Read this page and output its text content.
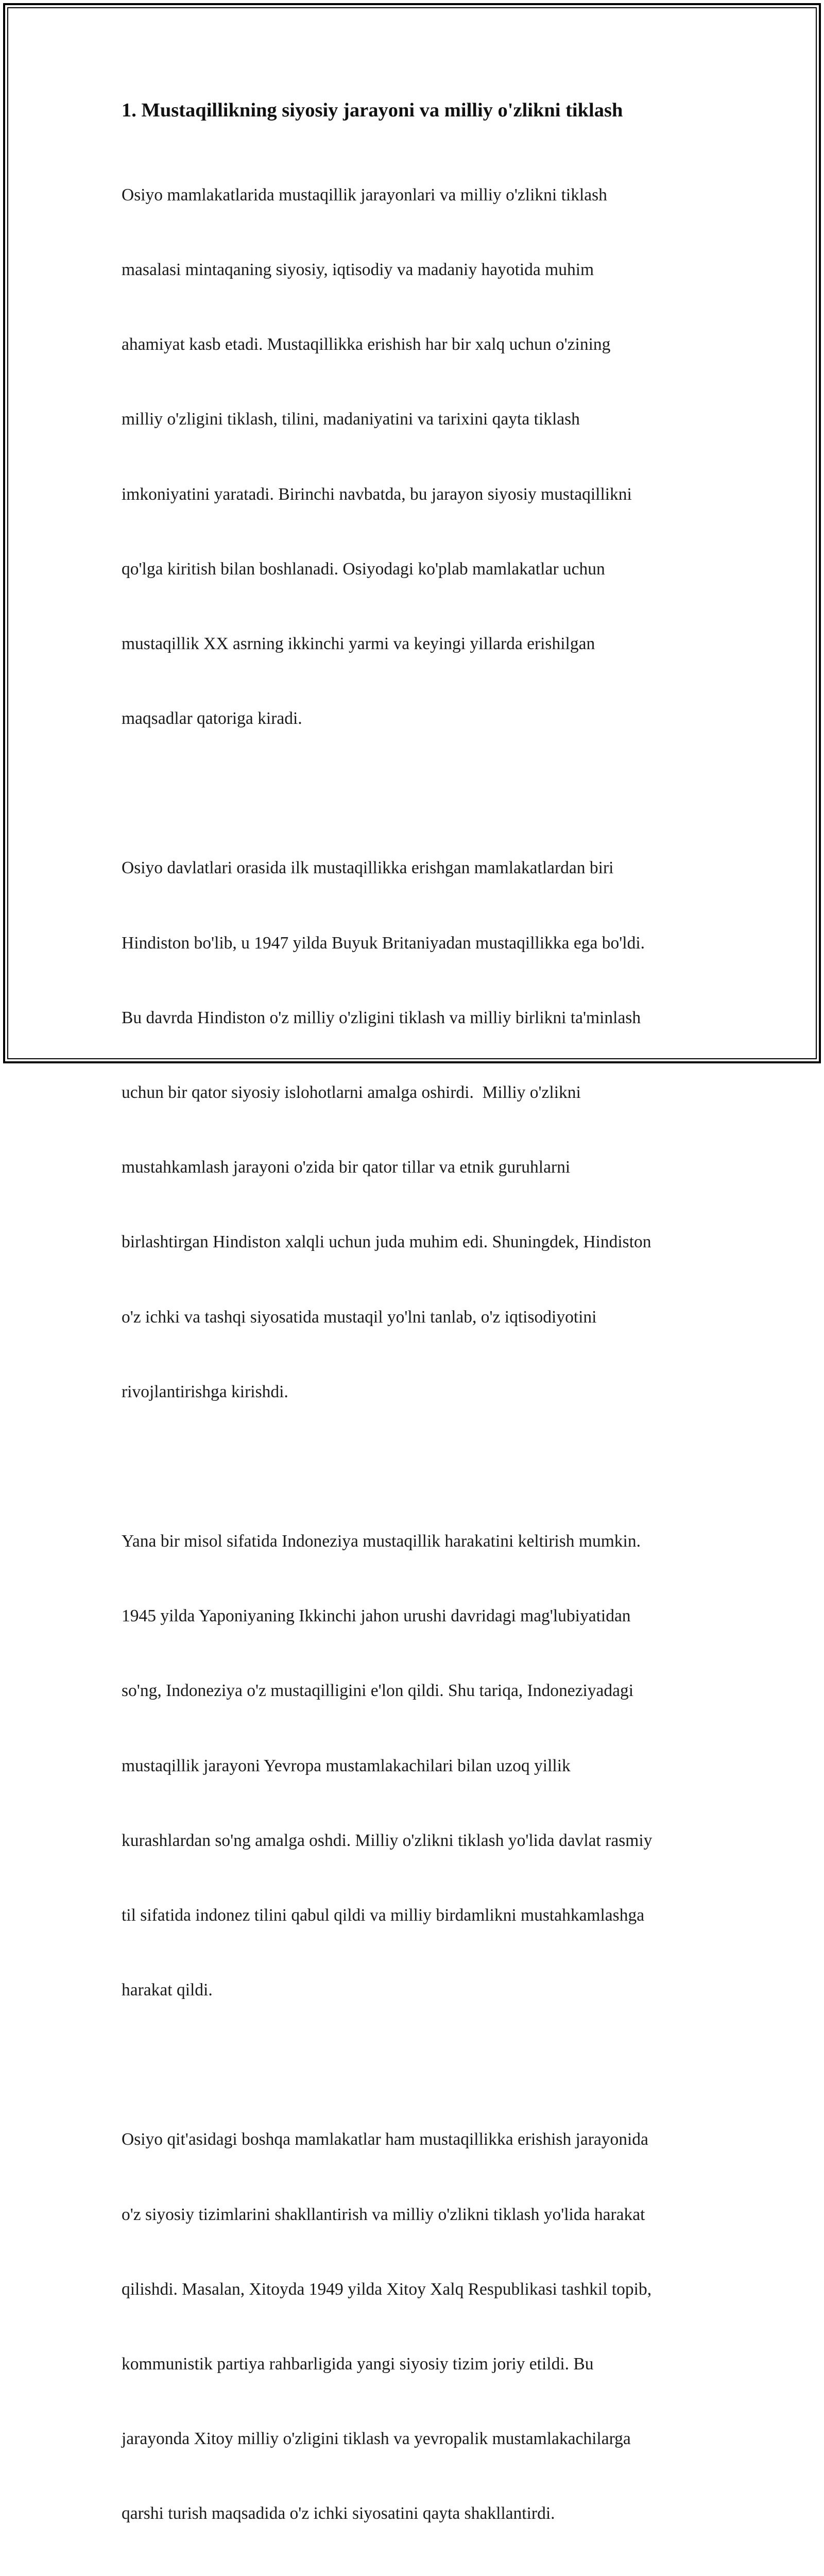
1. Mustaqillikning siyosiy jarayoni va milliy o'zlikni tiklash

Osiyo mamlakatlarida mustaqillik jarayonlari va milliy o'zlikni tiklash

masalasi mintaqaning siyosiy, iqtisodiy va madaniy hayotida muhim

ahamiyat kasb etadi. Mustaqillikka erishish har bir xalq uchun o'zining

milliy o'zligini tiklash, tilini, madaniyatini va tarixini qayta tiklash

imkoniyatini yaratadi. Birinchi navbatda, bu jarayon siyosiy mustaqillikni

qo'lga kiritish bilan boshlanadi. Osiyodagi ko'plab mamlakatlar uchun

mustaqillik XX asrning ikkinchi yarmi va keyingi yillarda erishilgan

maqsadlar qatoriga kiradi.

Osiyo davlatlari orasida ilk mustaqillikka erishgan mamlakatlardan biri

Hindiston bo'lib, u 1947 yilda Buyuk Britaniyadan mustaqillikka ega bo'ldi.

Bu davrda Hindiston o'z milliy o'zligini tiklash va milliy birlikni ta'minlash

uchun bir qator siyosiy islohotlarni amalga oshirdi.  Milliy o'zlikni

mustahkamlash jarayoni o'zida bir qator tillar va etnik guruhlarni

birlashtirgan Hindiston xalqli uchun juda muhim edi. Shuningdek, Hindiston

o'z ichki va tashqi siyosatida mustaqil yo'lni tanlab, o'z iqtisodiyotini

rivojlantirishga kirishdi.

Yana bir misol sifatida Indoneziya mustaqillik harakatini keltirish mumkin.

1945 yilda Yaponiyaning Ikkinchi jahon urushi davridagi mag'lubiyatidan

so'ng, Indoneziya o'z mustaqilligini e'lon qildi. Shu tariqa, Indoneziyadagi

mustaqillik jarayoni Yevropa mustamlakachilari bilan uzoq yillik

kurashlardan so'ng amalga oshdi. Milliy o'zlikni tiklash yo'lida davlat rasmiy

til sifatida indonez tilini qabul qildi va milliy birdamlikni mustahkamlashga

harakat qildi.

Osiyo qit'asidagi boshqa mamlakatlar ham mustaqillikka erishish jarayonida

o'z siyosiy tizimlarini shakllantirish va milliy o'zlikni tiklash yo'lida harakat

qilishdi. Masalan, Xitoyda 1949 yilda Xitoy Xalq Respublikasi tashkil topib,

kommunistik partiya rahbarligida yangi siyosiy tizim joriy etildi. Bu

jarayonda Xitoy milliy o'zligini tiklash va yevropalik mustamlakachilarga

qarshi turish maqsadida o'z ichki siyosatini qayta shakllantirdi.
